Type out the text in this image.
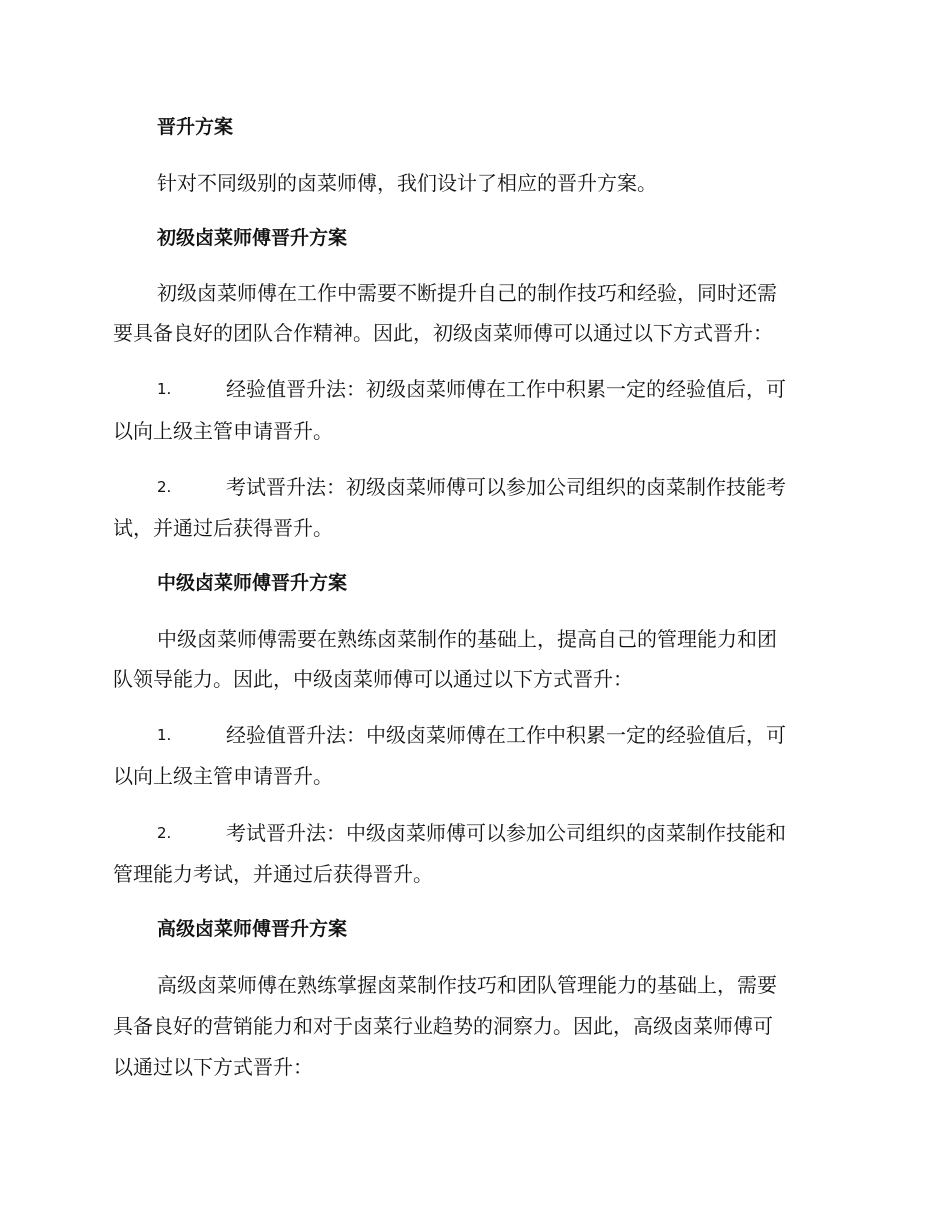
晋升方案
针对不同级别的卤菜师傅，我们设计了相应的晋升方案。
初级卤菜师傅晋升方案
初级卤菜师傅在工作中需要不断提升自己的制作技巧和经验，同时还需
要具备良好的团队合作精神。因此，初级卤菜师傅可以通过以下方式晋升：
1.	经验值晋升法：初级卤菜师傅在工作中积累一定的经验值后，可
以向上级主管申请晋升。
2.	考试晋升法：初级卤菜师傅可以参加公司组织的卤菜制作技能考
试，并通过后获得晋升。
中级卤菜师傅晋升方案
中级卤菜师傅需要在熟练卤菜制作的基础上，提高自己的管理能力和团
队领导能力。因此，中级卤菜师傅可以通过以下方式晋升：
1.	经验值晋升法：中级卤菜师傅在工作中积累一定的经验值后，可
以向上级主管申请晋升。
2.	考试晋升法：中级卤菜师傅可以参加公司组织的卤菜制作技能和
管理能力考试，并通过后获得晋升。
高级卤菜师傅晋升方案
高级卤菜师傅在熟练掌握卤菜制作技巧和团队管理能力的基础上，需要
具备良好的营销能力和对于卤菜行业趋势的洞察力。因此，高级卤菜师傅可
以通过以下方式晋升：
